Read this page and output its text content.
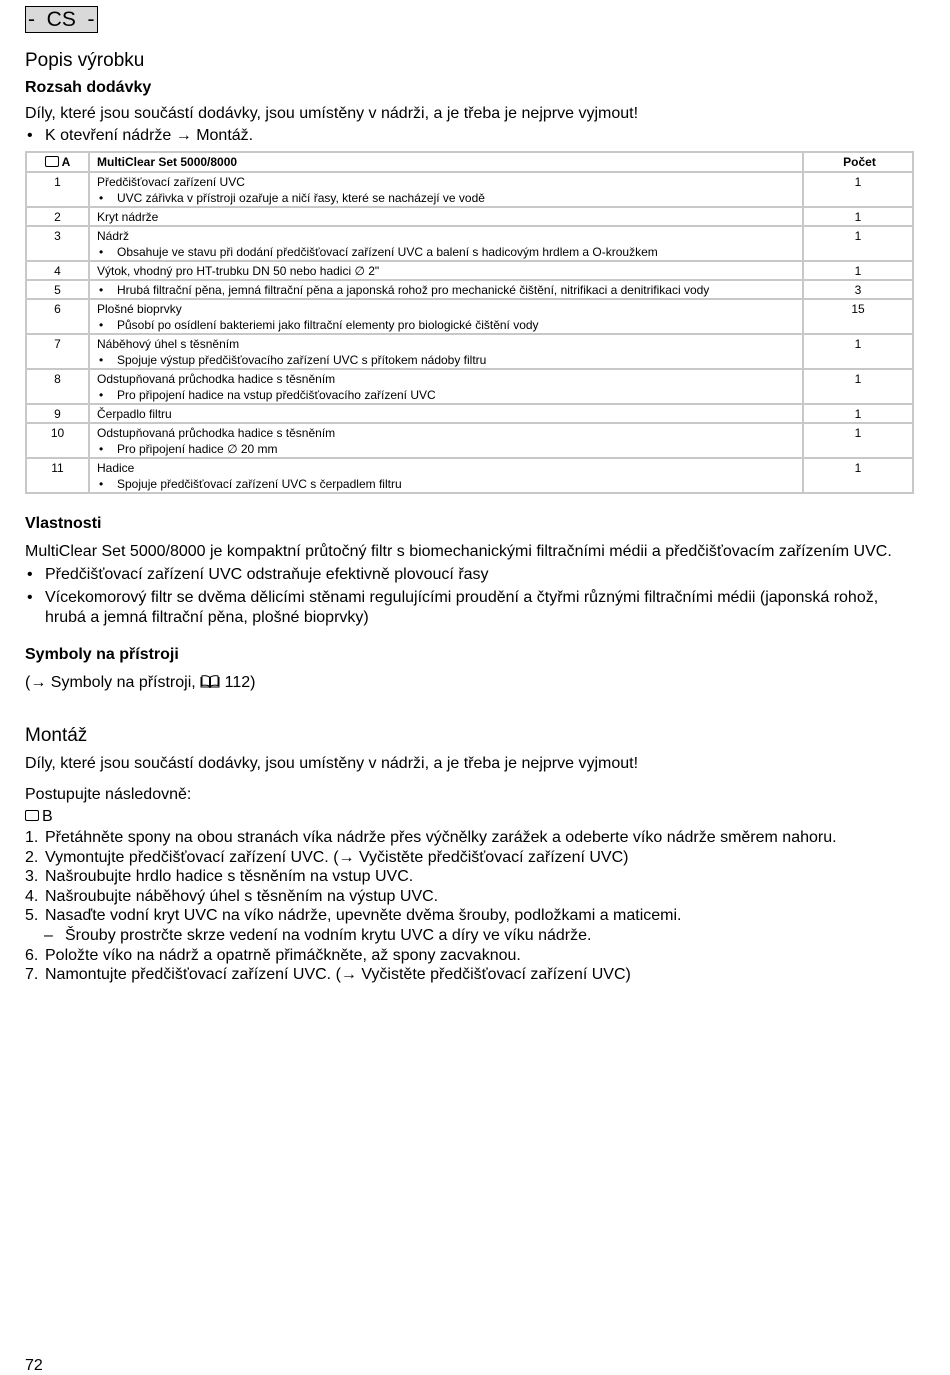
-  CS  -
Popis výrobku
Rozsah dodávky

Díly, které jsou součástí dodávky, jsou umístěny v nádrži, a je třeba je nejprve vyjmout!

• K otevření nádrže → Montáž.
A	MultiClear Set 5000/8000	Počet
1	Předčišťovací zařízení UVC
• UVC zářivka v přístroji ozařuje a ničí řasy, které se nacházejí ve vodě	1
2	Kryt nádrže	1
3	Nádrž
• Obsahuje ve stavu při dodání předčišťovací zařízení UVC a balení s hadicovým hrdlem a O-kroužkem	1
4	Výtok, vhodný pro HT-trubku DN 50 nebo hadici ∅ 2"	1
5	• Hrubá filtrační pěna, jemná filtrační pěna a japonská rohož pro mechanické čištění, nitrifikaci a denitrifikaci vody	3
6	Plošné bioprvky
• Působí po osídlení bakteriemi jako filtrační elementy pro biologické čištění vody	15
7	Náběhový úhel s těsněním
• Spojuje výstup předčišťovacího zařízení UVC s přítokem nádoby filtru	1
8	Odstupňovaná průchodka hadice s těsněním
• Pro připojení hadice na vstup předčišťovacího zařízení UVC	1
9	Čerpadlo filtru	1
10	Odstupňovaná průchodka hadice s těsněním
• Pro připojení hadice ∅ 20 mm	1
11	Hadice
• Spojuje předčišťovací zařízení UVC s čerpadlem filtru	1
Vlastnosti

MultiClear Set 5000/8000 je kompaktní průtočný filtr s biomechanickými filtračními médii a předčišťovacím zařízením UVC.

• Předčišťovací zařízení UVC odstraňuje efektivně plovoucí řasy
• Vícekomorový filtr se dvěma dělicími stěnami regulujícími proudění a čtyřmi různými filtračními médii (japonská rohož, hrubá a jemná filtrační pěna, plošné bioprvky)
Symboly na přístroji

(→ Symboly na přístroji, 112)

Montáž

Díly, které jsou součástí dodávky, jsou umístěny v nádrži, a je třeba je nejprve vyjmout!

Postupujte následovně:

B

1. Přetáhněte spony na obou stranách víka nádrže přes výčnělky zarážek a odeberte víko nádrže směrem nahoru.
2. Vymontujte předčišťovací zařízení UVC. (→ Vyčistěte předčišťovací zařízení UVC)
3. Našroubujte hrdlo hadice s těsněním na vstup UVC.
4. Našroubujte náběhový úhel s těsněním na výstup UVC.
5. Nasaďte vodní kryt UVC na víko nádrže, upevněte dvěma šrouby, podložkami a maticemi.
– Šrouby prostrčte skrze vedení na vodním krytu UVC a díry ve víku nádrže.
6. Položte víko na nádrž a opatrně přimáčkněte, až spony zacvaknou.
7. Namontujte předčišťovací zařízení UVC. (→ Vyčistěte předčišťovací zařízení UVC)
72
